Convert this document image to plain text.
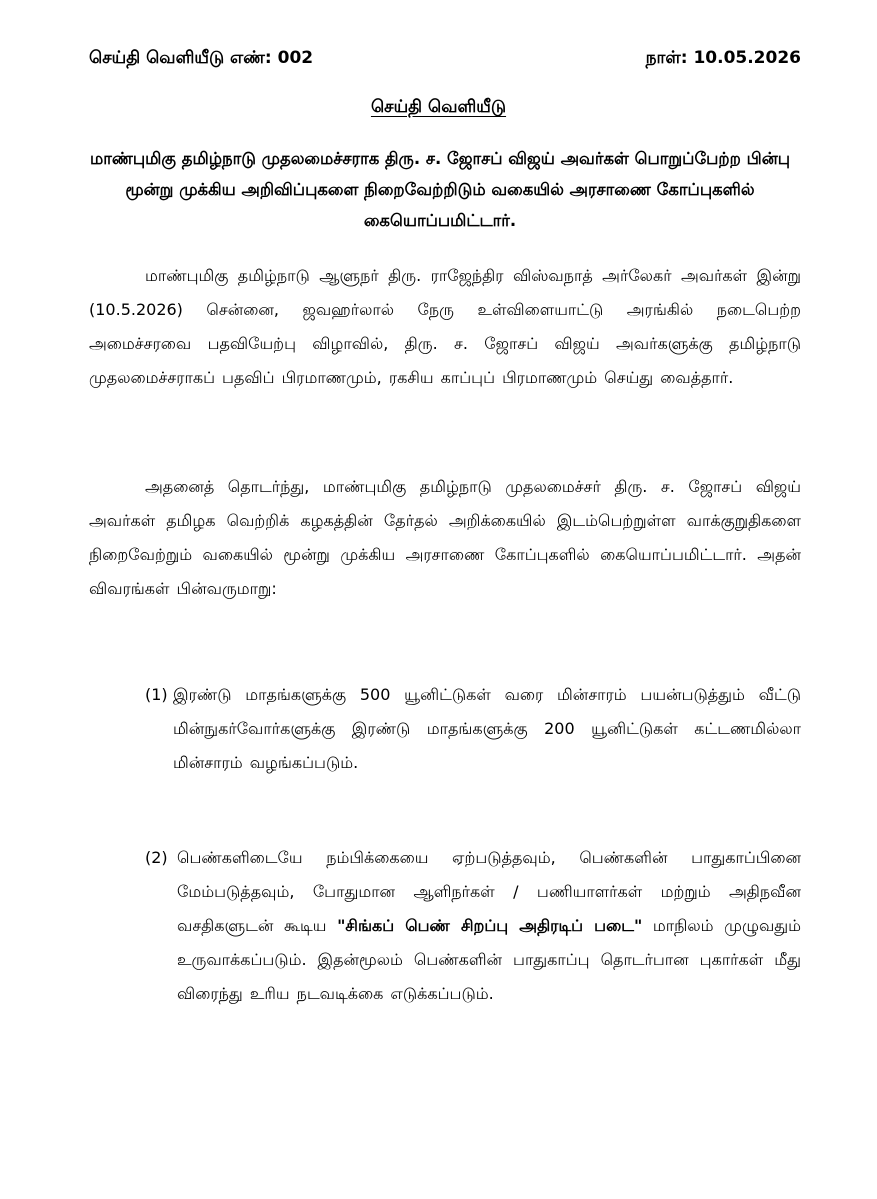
செய்தி வெளியீடு எண்: 002	நாள்: 10.05.2026
செய்தி வெளியீடு
மாண்புமிகு தமிழ்நாடு முதலமைச்சராக திரு. ச. ஜோசப் விஜய் அவர்கள் பொறுப்பேற்ற பின்பு மூன்று முக்கிய அறிவிப்புகளை நிறைவேற்றிடும் வகையில் அரசாணை கோப்புகளில் கையொப்பமிட்டார்.
மாண்புமிகு தமிழ்நாடு ஆளுநர் திரு. ராஜேந்திர விஸ்வநாத் அர்லேகர் அவர்கள் இன்று (10.5.2026) சென்னை, ஜவஹர்லால் நேரு உள்விளையாட்டு அரங்கில் நடைபெற்ற அமைச்சரவை பதவியேற்பு விழாவில், திரு. ச. ஜோசப் விஜய் அவர்களுக்கு தமிழ்நாடு முதலமைச்சராகப் பதவிப் பிரமாணமும், ரகசிய காப்புப் பிரமாணமும் செய்து வைத்தார்.
அதனைத் தொடர்ந்து, மாண்புமிகு தமிழ்நாடு முதலமைச்சர் திரு. ச. ஜோசப் விஜய் அவர்கள் தமிழக வெற்றிக் கழகத்தின் தேர்தல் அறிக்கையில் இடம்பெற்றுள்ள வாக்குறுதிகளை நிறைவேற்றும் வகையில் மூன்று முக்கிய அரசாணை கோப்புகளில் கையொப்பமிட்டார். அதன் விவரங்கள் பின்வருமாறு:
(1) இரண்டு மாதங்களுக்கு 500 யூனிட்டுகள் வரை மின்சாரம் பயன்படுத்தும் வீட்டு மின்நுகர்வோர்களுக்கு இரண்டு மாதங்களுக்கு 200 யூனிட்டுகள் கட்டணமில்லா மின்சாரம் வழங்கப்படும்.
(2) பெண்களிடையே நம்பிக்கையை ஏற்படுத்தவும், பெண்களின் பாதுகாப்பினை மேம்படுத்தவும், போதுமான ஆளிநர்கள் / பணியாளர்கள் மற்றும் அதிநவீன வசதிகளுடன் கூடிய "சிங்கப் பெண் சிறப்பு அதிரடிப் படை" மாநிலம் முழுவதும் உருவாக்கப்படும். இதன்மூலம் பெண்களின் பாதுகாப்பு தொடர்பான புகார்கள் மீது விரைந்து உரிய நடவடிக்கை எடுக்கப்படும்.
